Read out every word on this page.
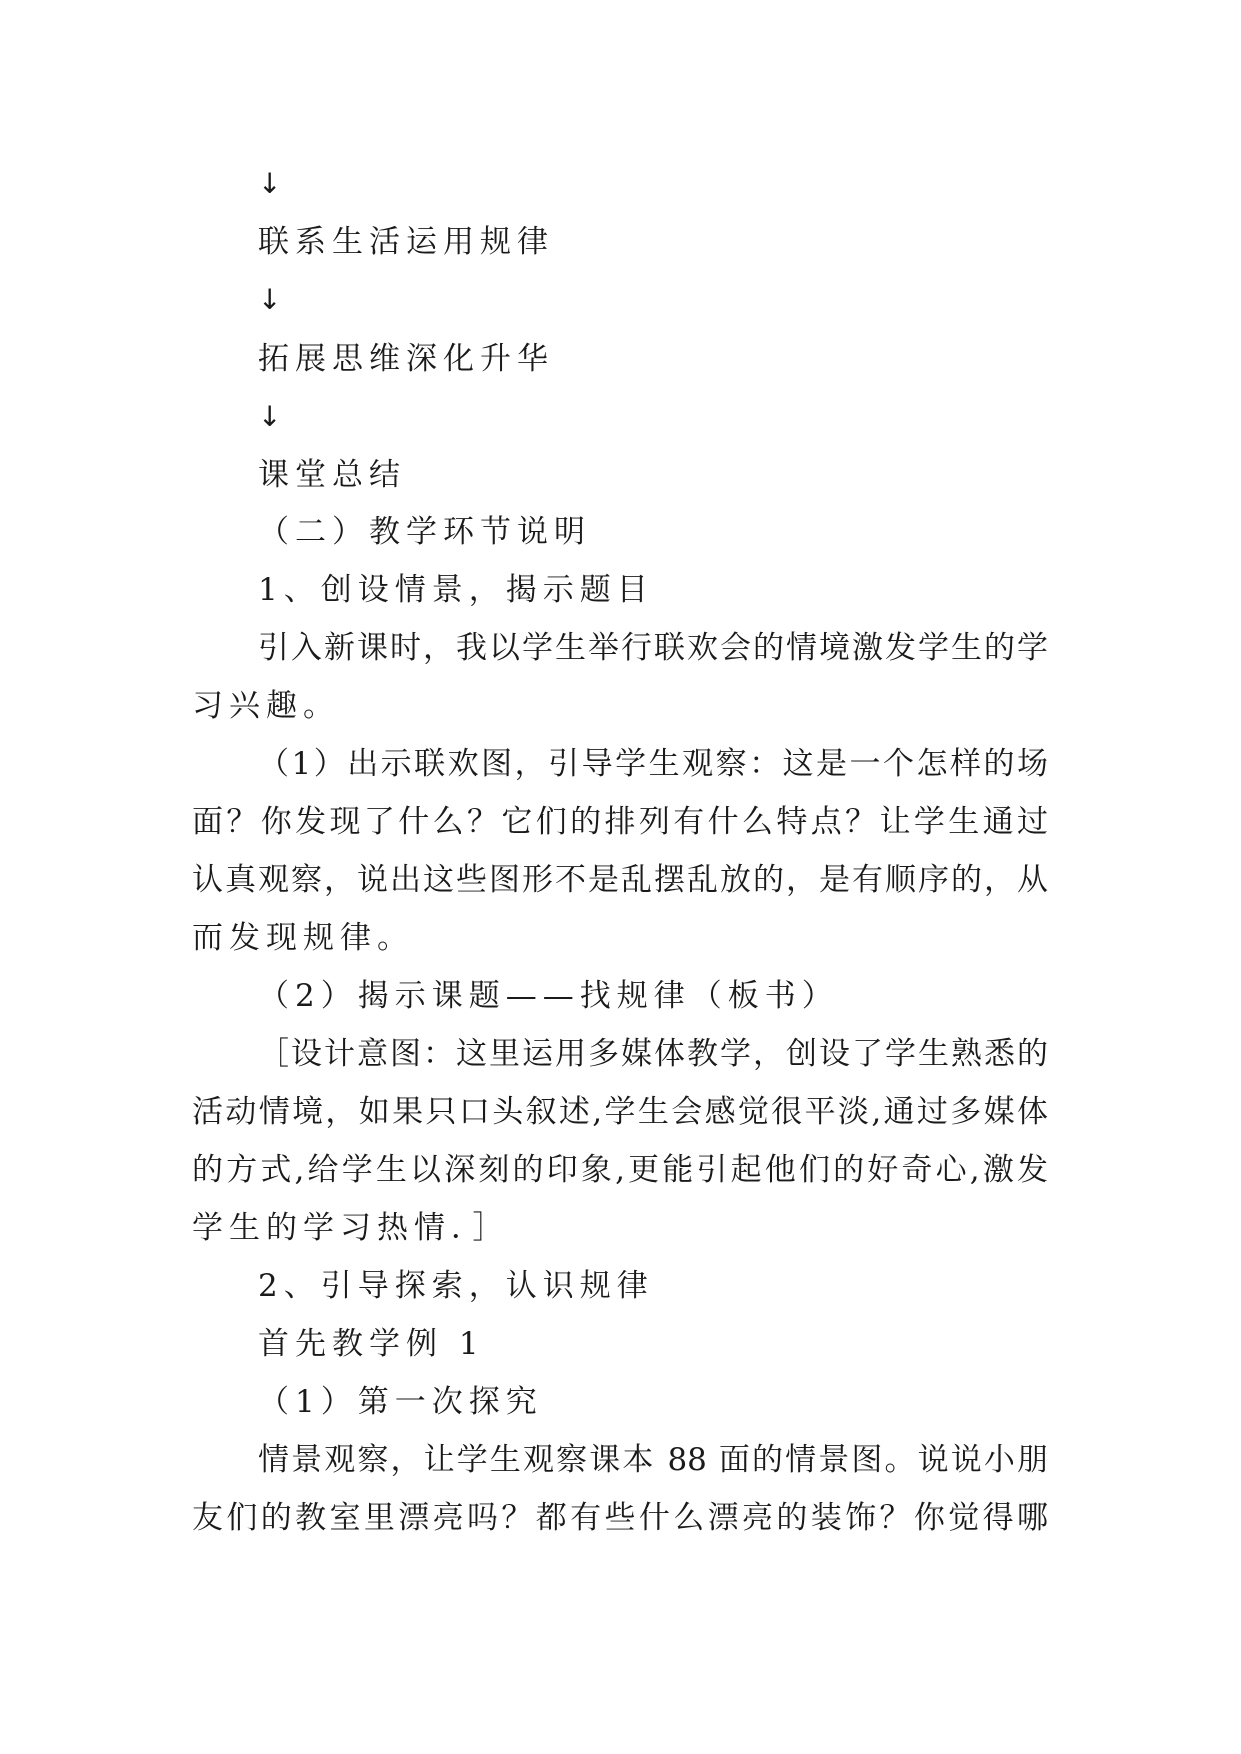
↓
联系生活运用规律
↓
拓展思维深化升华
↓
课堂总结
（二）教学环节说明
1、创设情景，揭示题目
引入新课时，我以学生举行联欢会的情境激发学生的学
习兴趣。
（1）出示联欢图，引导学生观察：这是一个怎样的场
面？你发现了什么？它们的排列有什么特点？让学生通过
认真观察，说出这些图形不是乱摆乱放的，是有顺序的，从
而发现规律。
（2）揭示课题——找规律（板书）
［设计意图：这里运用多媒体教学，创设了学生熟悉的
活动情境，如果只口头叙述,学生会感觉很平淡,通过多媒体
的方式,给学生以深刻的印象,更能引起他们的好奇心,激发
学生的学习热情．］
2、引导探索，认识规律
首先教学例 1
（1）第一次探究
情景观察，让学生观察课本 88 面的情景图。说说小朋
友们的教室里漂亮吗？都有些什么漂亮的装饰？你觉得哪
